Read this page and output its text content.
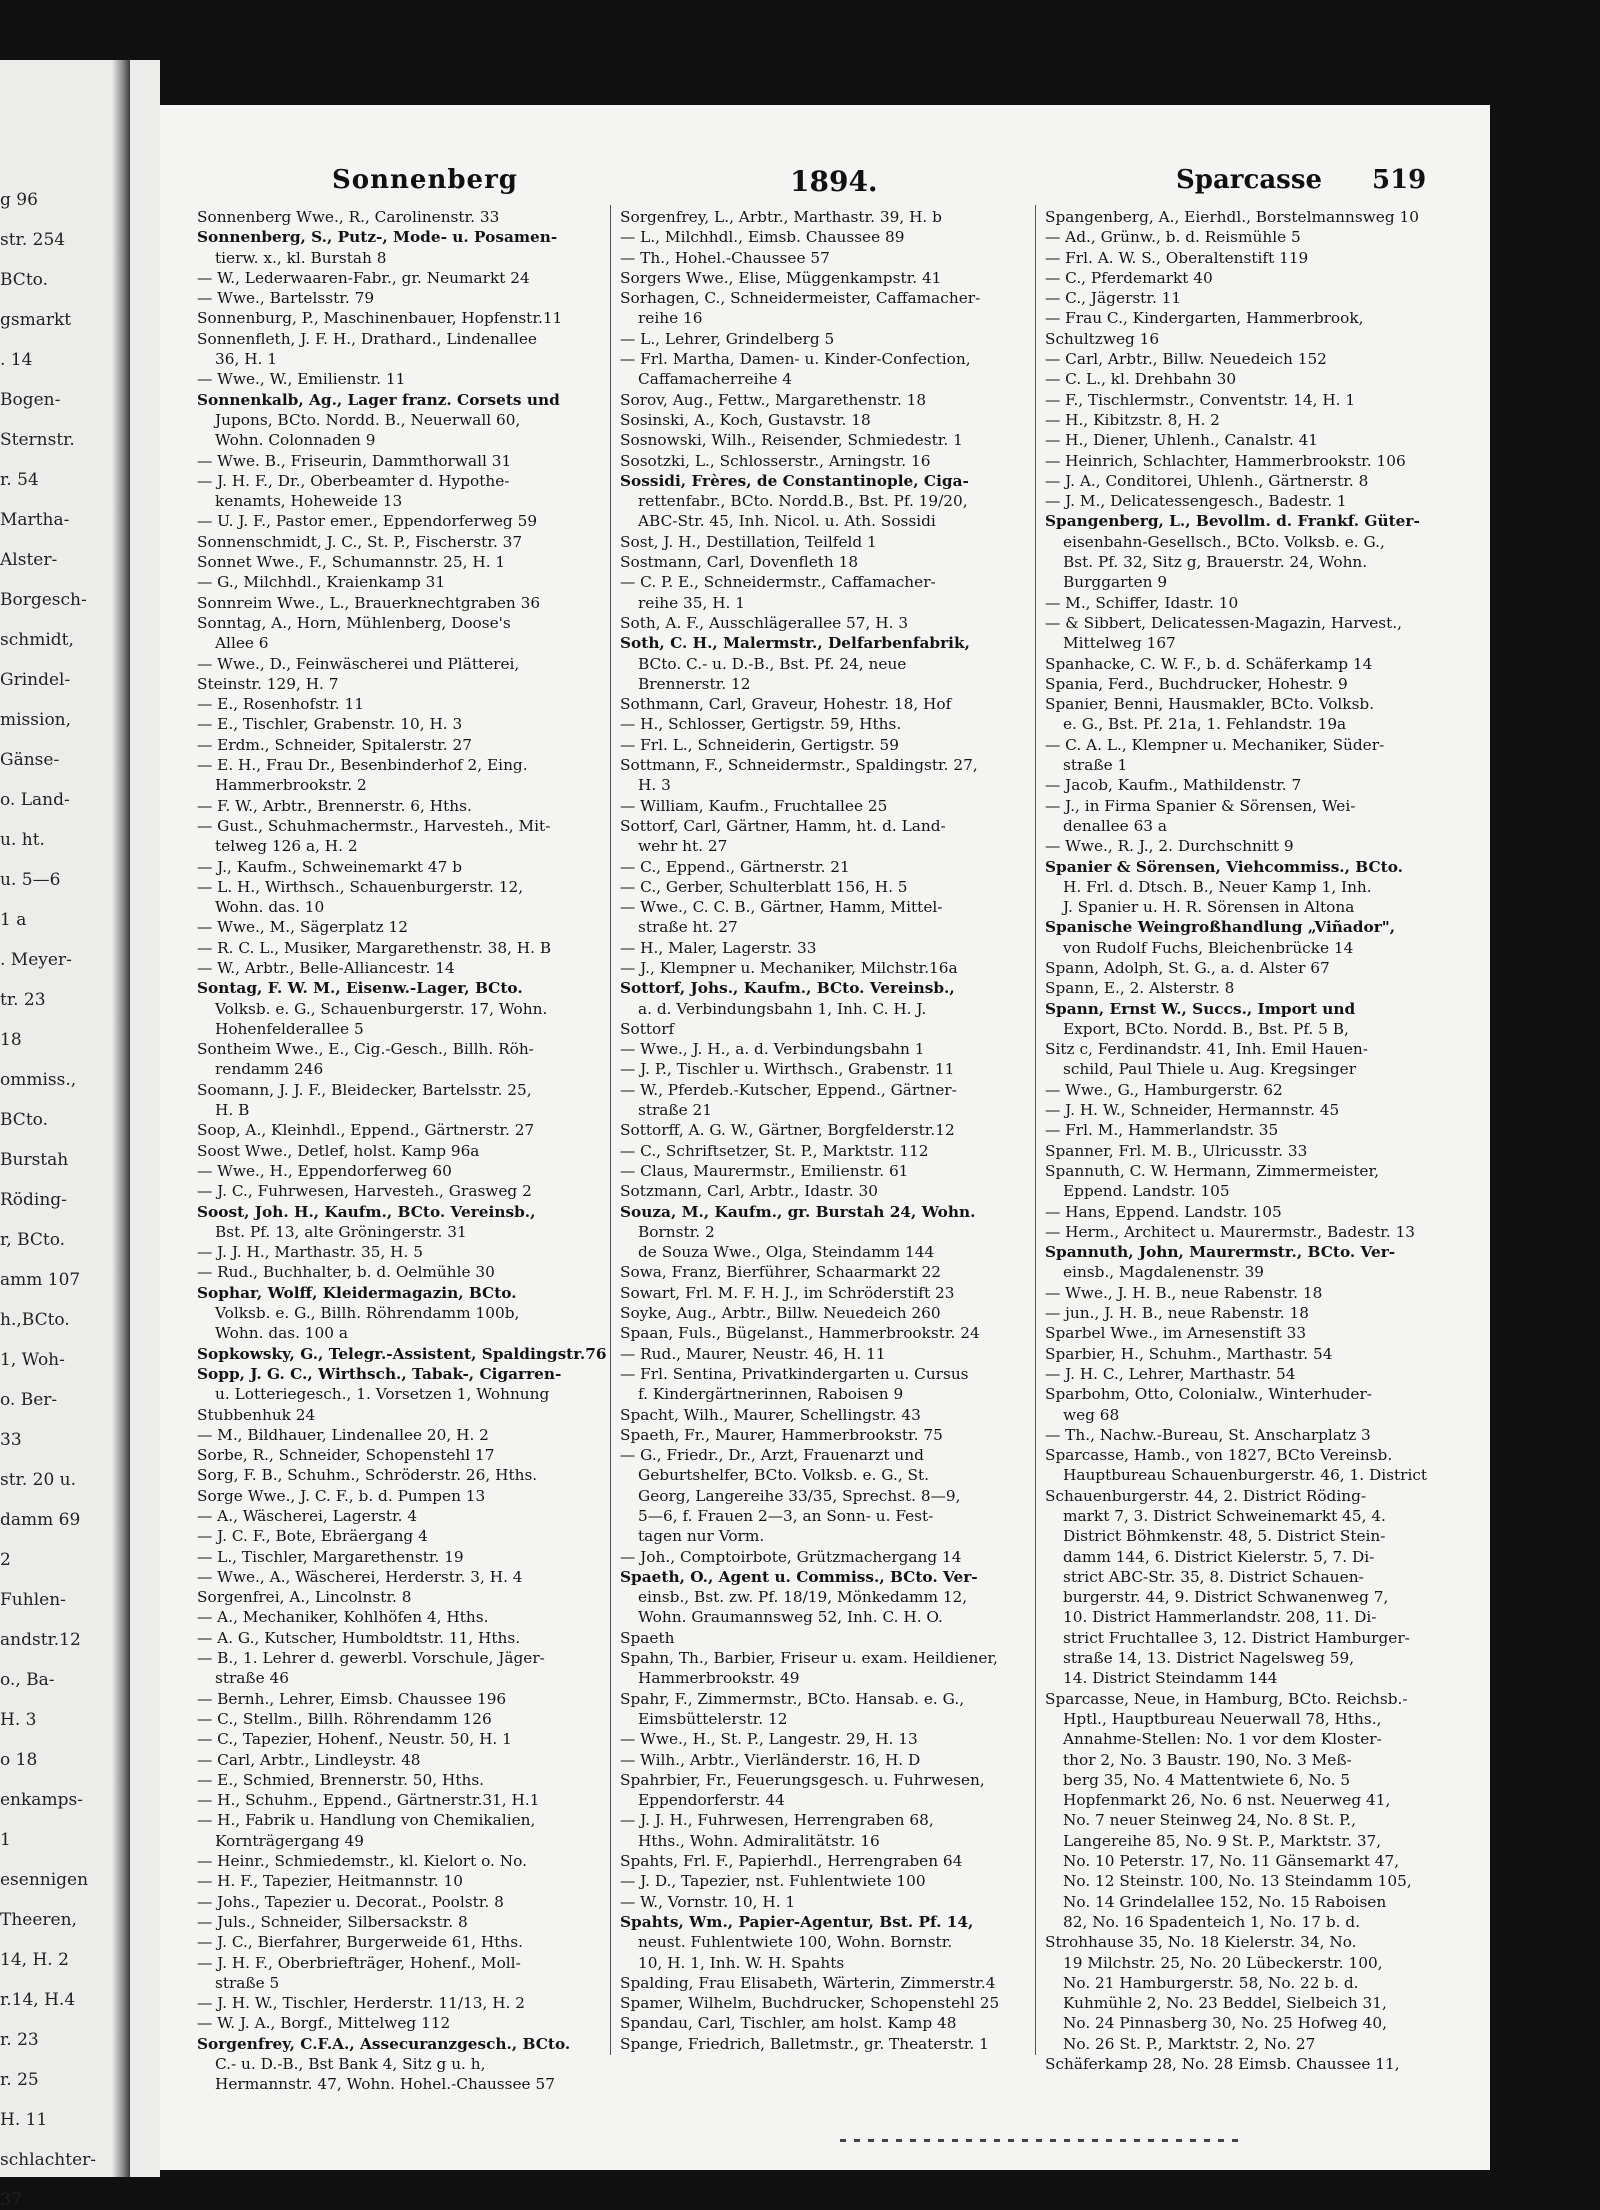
g 96
str. 254
BCto.
gsmarkt
. 14
Bogen-
Sternstr.
r. 54
Martha-
Alster-
Borgesch-
schmidt,
Grindel-
mission,
Gänse-
o. Land-
u. ht.
u. 5—6
1 a
. Meyer-
tr. 23
18
ommiss.,
BCto.
Burstah
Röding-
r, BCto.
amm 107
h.,BCto.
1, Woh-
o. Ber-
33
str. 20 u.
damm 69
2
Fuhlen-
andstr.12
o., Ba-
H. 3
o 18
enkamps-
1
esennigen
Theeren,
14, H. 2
r.14, H.4
r. 23
r. 25
H. 11
schlachter-
37
Sonnenberg	1894.	Sparcasse 519
Sonnenberg Wwe., R., Carolinenstr. 33
Sonnenberg, S., Putz-, Mode- u. Posamen-
tierw. x., kl. Burstah 8
— W., Lederwaaren-Fabr., gr. Neumarkt 24
— Wwe., Bartelsstr. 79
Sonnenburg, P., Maschinenbauer, Hopfenstr.11
Sonnenfleth, J. F. H., Drathard., Lindenallee
36, H. 1
— Wwe., W., Emilienstr. 11
Sonnenkalb, Ag., Lager franz. Corsets und
Jupons, BCto. Nordd. B., Neuerwall 60,
Wohn. Colonnaden 9
— Wwe. B., Friseurin, Dammthorwall 31
— J. H. F., Dr., Oberbeamter d. Hypothe-
kenamts, Hoheweide 13
— U. J. F., Pastor emer., Eppendorferweg 59
Sonnenschmidt, J. C., St. P., Fischerstr. 37
Sonnet Wwe., F., Schumannstr. 25, H. 1
— G., Milchhdl., Kraienkamp 31
Sonnreim Wwe., L., Brauerknechtgraben 36
Sonntag, A., Horn, Mühlenberg, Doose's
Allee 6
— Wwe., D., Feinwäscherei und Plätterei,
Steinstr. 129, H. 7
— E., Rosenhofstr. 11
— E., Tischler, Grabenstr. 10, H. 3
— Erdm., Schneider, Spitalerstr. 27
— E. H., Frau Dr., Besenbinderhof 2, Eing.
Hammerbrookstr. 2
— F. W., Arbtr., Brennerstr. 6, Hths.
— Gust., Schuhmachermstr., Harvesteh., Mit-
telweg 126 a, H. 2
— J., Kaufm., Schweinemarkt 47 b
— L. H., Wirthsch., Schauenburgerstr. 12,
Wohn. das. 10
— Wwe., M., Sägerplatz 12
— R. C. L., Musiker, Margarethenstr. 38, H. B
— W., Arbtr., Belle-Alliancestr. 14
Sontag, F. W. M., Eisenw.-Lager, BCto.
Volksb. e. G., Schauenburgerstr. 17, Wohn.
Hohenfelderallee 5
Sontheim Wwe., E., Cig.-Gesch., Billh. Röh-
rendamm 246
Soomann, J. J. F., Bleidecker, Bartelsstr. 25,
H. B
Soop, A., Kleinhdl., Eppend., Gärtnerstr. 27
Soost Wwe., Detlef, holst. Kamp 96a
— Wwe., H., Eppendorferweg 60
— J. C., Fuhrwesen, Harvesteh., Grasweg 2
Soost, Joh. H., Kaufm., BCto. Vereinsb.,
Bst. Pf. 13, alte Gröningerstr. 31
— J. J. H., Marthastr. 35, H. 5
— Rud., Buchhalter, b. d. Oelmühle 30
Sophar, Wolff, Kleidermagazin, BCto.
Volksb. e. G., Billh. Röhrendamm 100b,
Wohn. das. 100 a
Sopkowsky, G., Telegr.-Assistent, Spaldingstr.76
Sopp, J. G. C., Wirthsch., Tabak-, Cigarren-
u. Lotteriegesch., 1. Vorsetzen 1, Wohnung
Stubbenhuk 24
— M., Bildhauer, Lindenallee 20, H. 2
Sorbe, R., Schneider, Schopenstehl 17
Sorg, F. B., Schuhm., Schröderstr. 26, Hths.
Sorge Wwe., J. C. F., b. d. Pumpen 13
— A., Wäscherei, Lagerstr. 4
— J. C. F., Bote, Ebräergang 4
— L., Tischler, Margarethenstr. 19
— Wwe., A., Wäscherei, Herderstr. 3, H. 4
Sorgenfrei, A., Lincolnstr. 8
— A., Mechaniker, Kohlhöfen 4, Hths.
— A. G., Kutscher, Humboldtstr. 11, Hths.
— B., 1. Lehrer d. gewerbl. Vorschule, Jäger-
straße 46
— Bernh., Lehrer, Eimsb. Chaussee 196
— C., Stellm., Billh. Röhrendamm 126
— C., Tapezier, Hohenf., Neustr. 50, H. 1
— Carl, Arbtr., Lindleystr. 48
— E., Schmied, Brennerstr. 50, Hths.
— H., Schuhm., Eppend., Gärtnerstr.31, H.1
— H., Fabrik u. Handlung von Chemikalien,
Kornträgergang 49
— Heinr., Schmiedemstr., kl. Kielort o. No.
— H. F., Tapezier, Heitmannstr. 10
— Johs., Tapezier u. Decorat., Poolstr. 8
— Juls., Schneider, Silbersackstr. 8
— J. C., Bierfahrer, Burgerweide 61, Hths.
— J. H. F., Oberbriefträger, Hohenf., Moll-
straße 5
— J. H. W., Tischler, Herderstr. 11/13, H. 2
— W. J. A., Borgf., Mittelweg 112
Sorgenfrey, C.F.A., Assecuranzgesch., BCto.
C.- u. D.-B., Bst Bank 4, Sitz g u. h,
Hermannstr. 47, Wohn. Hohel.-Chaussee 57
Sorgenfrey, L., Arbtr., Marthastr. 39, H. b
— L., Milchhdl., Eimsb. Chaussee 89
— Th., Hohel.-Chaussee 57
Sorgers Wwe., Elise, Müggenkampstr. 41
Sorhagen, C., Schneidermeister, Caffamacher-
reihe 16
— L., Lehrer, Grindelberg 5
— Frl. Martha, Damen- u. Kinder-Confection,
Caffamacherreihe 4
Sorov, Aug., Fettw., Margarethenstr. 18
Sosinski, A., Koch, Gustavstr. 18
Sosnowski, Wilh., Reisender, Schmiedestr. 1
Sosotzki, L., Schlosserstr., Arningstr. 16
Sossidi, Frères, de Constantinople, Ciga-
rettenfabr., BCto. Nordd.B., Bst. Pf. 19/20,
ABC-Str. 45, Inh. Nicol. u. Ath. Sossidi
Sost, J. H., Destillation, Teilfeld 1
Sostmann, Carl, Dovenfleth 18
— C. P. E., Schneidermstr., Caffamacher-
reihe 35, H. 1
Soth, A. F., Ausschlägerallee 57, H. 3
Soth, C. H., Malermstr., Delfarbenfabrik,
BCto. C.- u. D.-B., Bst. Pf. 24, neue
Brennerstr. 12
Sothmann, Carl, Graveur, Hohestr. 18, Hof
— H., Schlosser, Gertigstr. 59, Hths.
— Frl. L., Schneiderin, Gertigstr. 59
Sottmann, F., Schneidermstr., Spaldingstr. 27,
H. 3
— William, Kaufm., Fruchtallee 25
Sottorf, Carl, Gärtner, Hamm, ht. d. Land-
wehr ht. 27
— C., Eppend., Gärtnerstr. 21
— C., Gerber, Schulterblatt 156, H. 5
— Wwe., C. C. B., Gärtner, Hamm, Mittel-
straße ht. 27
— H., Maler, Lagerstr. 33
— J., Klempner u. Mechaniker, Milchstr.16a
Sottorf, Johs., Kaufm., BCto. Vereinsb.,
a. d. Verbindungsbahn 1, Inh. C. H. J.
Sottorf
— Wwe., J. H., a. d. Verbindungsbahn 1
— J. P., Tischler u. Wirthsch., Grabenstr. 11
— W., Pferdeb.-Kutscher, Eppend., Gärtner-
straße 21
Sottorff, A. G. W., Gärtner, Borgfelderstr.12
— C., Schriftsetzer, St. P., Marktstr. 112
— Claus, Maurermstr., Emilienstr. 61
Sotzmann, Carl, Arbtr., Idastr. 30
Souza, M., Kaufm., gr. Burstah 24, Wohn.
Bornstr. 2
de Souza Wwe., Olga, Steindamm 144
Sowa, Franz, Bierführer, Schaarmarkt 22
Sowart, Frl. M. F. H. J., im Schröderstift 23
Soyke, Aug., Arbtr., Billw. Neuedeich 260
Spaan, Fuls., Bügelanst., Hammerbrookstr. 24
— Rud., Maurer, Neustr. 46, H. 11
— Frl. Sentina, Privatkindergarten u. Cursus
f. Kindergärtnerinnen, Raboisen 9
Spacht, Wilh., Maurer, Schellingstr. 43
Spaeth, Fr., Maurer, Hammerbrookstr. 75
— G., Friedr., Dr., Arzt, Frauenarzt und
Geburtshelfer, BCto. Volksb. e. G., St.
Georg, Langereihe 33/35, Sprechst. 8—9,
5—6, f. Frauen 2—3, an Sonn- u. Fest-
tagen nur Vorm.
— Joh., Comptoirbote, Grützmachergang 14
Spaeth, O., Agent u. Commiss., BCto. Ver-
einsb., Bst. zw. Pf. 18/19, Mönkedamm 12,
Wohn. Graumannsweg 52, Inh. C. H. O.
Spaeth
Spahn, Th., Barbier, Friseur u. exam. Heildiener,
Hammerbrookstr. 49
Spahr, F., Zimmermstr., BCto. Hansab. e. G.,
Eimsbüttelerstr. 12
— Wwe., H., St. P., Langestr. 29, H. 13
— Wilh., Arbtr., Vierländerstr. 16, H. D
Spahrbier, Fr., Feuerungsgesch. u. Fuhrwesen,
Eppendorferstr. 44
— J. J. H., Fuhrwesen, Herrengraben 68,
Hths., Wohn. Admiralitätstr. 16
Spahts, Frl. F., Papierhdl., Herrengraben 64
— J. D., Tapezier, nst. Fuhlentwiete 100
— W., Vornstr. 10, H. 1
Spahts, Wm., Papier-Agentur, Bst. Pf. 14,
neust. Fuhlentwiete 100, Wohn. Bornstr.
10, H. 1, Inh. W. H. Spahts
Spalding, Frau Elisabeth, Wärterin, Zimmerstr.4
Spamer, Wilhelm, Buchdrucker, Schopenstehl 25
Spandau, Carl, Tischler, am holst. Kamp 48
Spange, Friedrich, Balletmstr., gr. Theaterstr. 1
Spangenberg, A., Eierhdl., Borstelmannsweg 10
— Ad., Grünw., b. d. Reismühle 5
— Frl. A. W. S., Oberaltenstift 119
— C., Pferdemarkt 40
— C., Jägerstr. 11
— Frau C., Kindergarten, Hammerbrook,
Schultzweg 16
— Carl, Arbtr., Billw. Neuedeich 152
— C. L., kl. Drehbahn 30
— F., Tischlermstr., Conventstr. 14, H. 1
— H., Kibitzstr. 8, H. 2
— H., Diener, Uhlenh., Canalstr. 41
— Heinrich, Schlachter, Hammerbrookstr. 106
— J. A., Conditorei, Uhlenh., Gärtnerstr. 8
— J. M., Delicatessengesch., Badestr. 1
Spangenberg, L., Bevollm. d. Frankf. Güter-
eisenbahn-Gesellsch., BCto. Volksb. e. G.,
Bst. Pf. 32, Sitz g, Brauerstr. 24, Wohn.
Burggarten 9
— M., Schiffer, Idastr. 10
— & Sibbert, Delicatessen-Magazin, Harvest.,
Mittelweg 167
Spanhacke, C. W. F., b. d. Schäferkamp 14
Spania, Ferd., Buchdrucker, Hohestr. 9
Spanier, Benni, Hausmakler, BCto. Volksb.
e. G., Bst. Pf. 21a, 1. Fehlandstr. 19a
— C. A. L., Klempner u. Mechaniker, Süder-
straße 1
— Jacob, Kaufm., Mathildenstr. 7
— J., in Firma Spanier & Sörensen, Wei-
denallee 63 a
— Wwe., R. J., 2. Durchschnitt 9
Spanier & Sörensen, Viehcommiss., BCto.
H. Frl. d. Dtsch. B., Neuer Kamp 1, Inh.
J. Spanier u. H. R. Sörensen in Altona
Spanische Weingroßhandlung „Viñador",
von Rudolf Fuchs, Bleichenbrücke 14
Spann, Adolph, St. G., a. d. Alster 67
Spann, E., 2. Alsterstr. 8
Spann, Ernst W., Succs., Import und
Export, BCto. Nordd. B., Bst. Pf. 5 B,
Sitz c, Ferdinandstr. 41, Inh. Emil Hauen-
schild, Paul Thiele u. Aug. Kregsinger
— Wwe., G., Hamburgerstr. 62
— J. H. W., Schneider, Hermannstr. 45
— Frl. M., Hammerlandstr. 35
Spanner, Frl. M. B., Ulricusstr. 33
Spannuth, C. W. Hermann, Zimmermeister,
Eppend. Landstr. 105
— Hans, Eppend. Landstr. 105
— Herm., Architect u. Maurermstr., Badestr. 13
Spannuth, John, Maurermstr., BCto. Ver-
einsb., Magdalenenstr. 39
— Wwe., J. H. B., neue Rabenstr. 18
— jun., J. H. B., neue Rabenstr. 18
Sparbel Wwe., im Arnesenstift 33
Sparbier, H., Schuhm., Marthastr. 54
— J. H. C., Lehrer, Marthastr. 54
Sparbohm, Otto, Colonialw., Winterhuder-
weg 68
— Th., Nachw.-Bureau, St. Anscharplatz 3
Sparcasse, Hamb., von 1827, BCto Vereinsb.
Hauptbureau Schauenburgerstr. 46, 1. District
Schauenburgerstr. 44, 2. District Röding-
markt 7, 3. District Schweinemarkt 45, 4.
District Böhmkenstr. 48, 5. District Stein-
damm 144, 6. District Kielerstr. 5, 7. Di-
strict ABC-Str. 35, 8. District Schauen-
burgerstr. 44, 9. District Schwanenweg 7,
10. District Hammerlandstr. 208, 11. Di-
strict Fruchtallee 3, 12. District Hamburger-
straße 14, 13. District Nagelsweg 59,
14. District Steindamm 144
Sparcasse, Neue, in Hamburg, BCto. Reichsb.-
Hptl., Hauptbureau Neuerwall 78, Hths.,
Annahme-Stellen: No. 1 vor dem Kloster-
thor 2, No. 3 Baustr. 190, No. 3 Meß-
berg 35, No. 4 Mattentwiete 6, No. 5
Hopfenmarkt 26, No. 6 nst. Neuerweg 41,
No. 7 neuer Steinweg 24, No. 8 St. P.,
Langereihe 85, No. 9 St. P., Marktstr. 37,
No. 10 Peterstr. 17, No. 11 Gänsemarkt 47,
No. 12 Steinstr. 100, No. 13 Steindamm 105,
No. 14 Grindelallee 152, No. 15 Raboisen
82, No. 16 Spadenteich 1, No. 17 b. d.
Strohhause 35, No. 18 Kielerstr. 34, No.
19 Milchstr. 25, No. 20 Lübeckerstr. 100,
No. 21 Hamburgerstr. 58, No. 22 b. d.
Kuhmühle 2, No. 23 Beddel, Sielbeich 31,
No. 24 Pinnasberg 30, No. 25 Hofweg 40,
No. 26 St. P., Marktstr. 2, No. 27
Schäferkamp 28, No. 28 Eimsb. Chaussee 11,
